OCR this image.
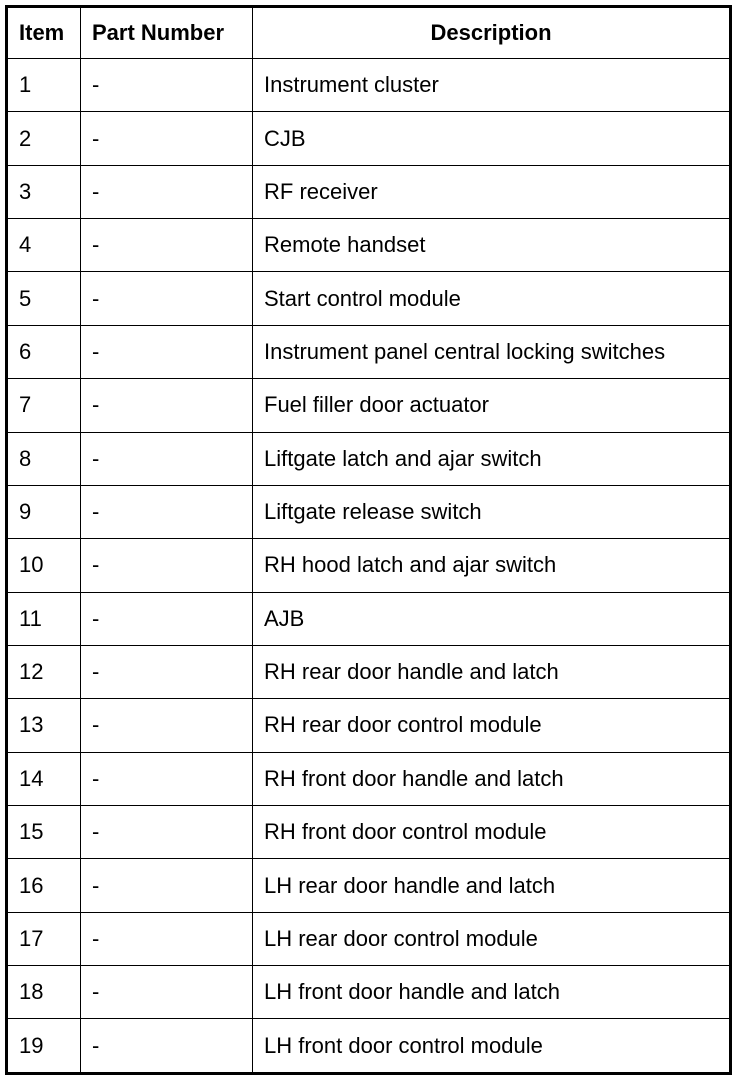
Item	Part Number	Description
1	-	Instrument cluster
2	-	CJB
3	-	RF receiver
4	-	Remote handset
5	-	Start control module
6	-	Instrument panel central locking switches
7	-	Fuel filler door actuator
8	-	Liftgate latch and ajar switch
9	-	Liftgate release switch
10	-	RH hood latch and ajar switch
11	-	AJB
12	-	RH rear door handle and latch
13	-	RH rear door control module
14	-	RH front door handle and latch
15	-	RH front door control module
16	-	LH rear door handle and latch
17	-	LH rear door control module
18	-	LH front door handle and latch
19	-	LH front door control module
